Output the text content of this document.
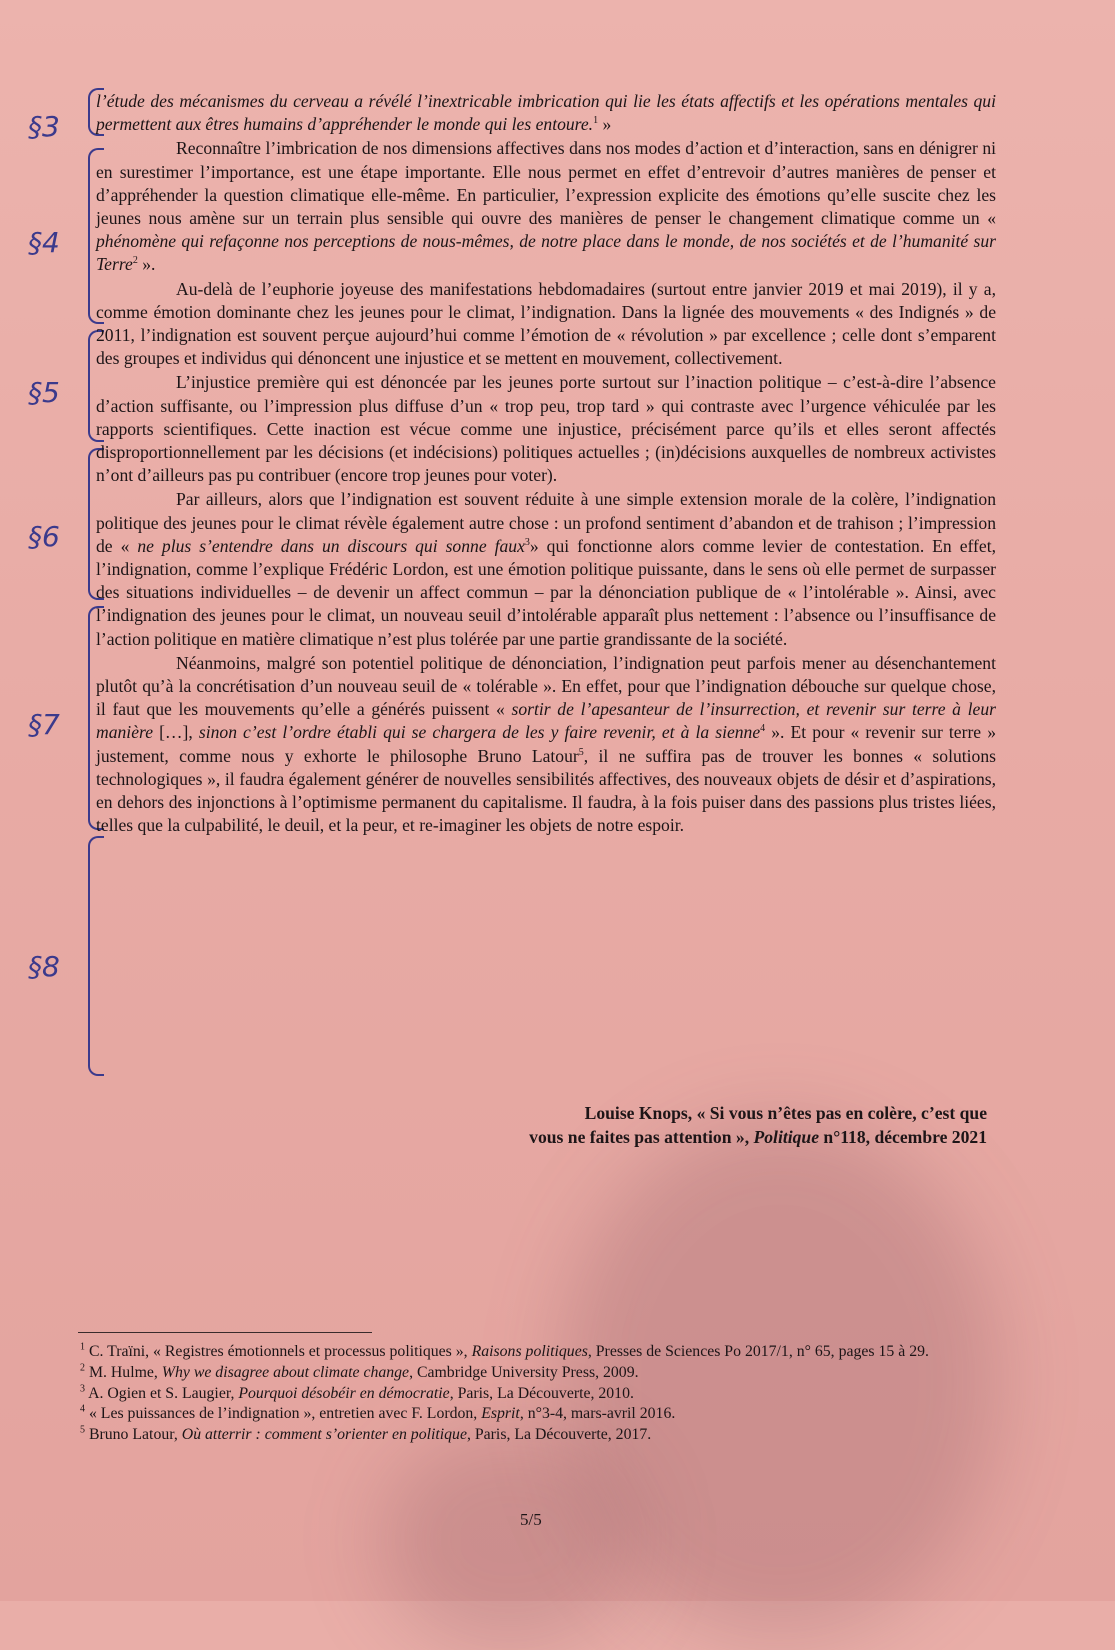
§3
§4
§5
§6
§7
§8

l’étude des mécanismes du cerveau a révélé l’inextricable imbrication qui lie les états affectifs et les opérations mentales qui permettent aux êtres humains d’appréhender le monde qui les entoure.$^1$ »

Reconnaître l’imbrication de nos dimensions affectives dans nos modes d’action et d’interaction, sans en dénigrer ni en surestimer l’importance, est une étape importante. Elle nous permet en effet d’entrevoir d’autres manières de penser et d’appréhender la question climatique elle-même. En particulier, l’expression explicite des émotions qu’elle suscite chez les jeunes nous amène sur un terrain plus sensible qui ouvre des manières de penser le changement climatique comme un « phénomène qui refaçonne nos perceptions de nous-mêmes, de notre place dans le monde, de nos sociétés et de l’humanité sur Terre$^2$ ».

Au-delà de l’euphorie joyeuse des manifestations hebdomadaires (surtout entre janvier 2019 et mai 2019), il y a, comme émotion dominante chez les jeunes pour le climat, l’indignation. Dans la lignée des mouvements « des Indignés » de 2011, l’indignation est souvent perçue aujourd’hui comme l’émotion de « révolution » par excellence ; celle dont s’emparent des groupes et individus qui dénoncent une injustice et se mettent en mouvement, collectivement.

L’injustice première qui est dénoncée par les jeunes porte surtout sur l’inaction politique – c’est-à-dire l’absence d’action suffisante, ou l’impression plus diffuse d’un « trop peu, trop tard » qui contraste avec l’urgence véhiculée par les rapports scientifiques. Cette inaction est vécue comme une injustice, précisément parce qu’ils et elles seront affectés disproportionnellement par les décisions (et indécisions) politiques actuelles ; (in)décisions auxquelles de nombreux activistes n’ont d’ailleurs pas pu contribuer (encore trop jeunes pour voter).

Par ailleurs, alors que l’indignation est souvent réduite à une simple extension morale de la colère, l’indignation politique des jeunes pour le climat révèle également autre chose : un profond sentiment d’abandon et de trahison ; l’impression de « ne plus s’entendre dans un discours qui sonne faux$^3$» qui fonctionne alors comme levier de contestation. En effet, l’indignation, comme l’explique Frédéric Lordon, est une émotion politique puissante, dans le sens où elle permet de surpasser des situations individuelles – de devenir un affect commun – par la dénonciation publique de « l’intolérable ». Ainsi, avec l’indignation des jeunes pour le climat, un nouveau seuil d’intolérable apparaît plus nettement : l’absence ou l’insuffisance de l’action politique en matière climatique n’est plus tolérée par une partie grandissante de la société.

Néanmoins, malgré son potentiel politique de dénonciation, l’indignation peut parfois mener au désenchantement plutôt qu’à la concrétisation d’un nouveau seuil de « tolérable ». En effet, pour que l’indignation débouche sur quelque chose, il faut que les mouvements qu’elle a générés puissent « sortir de l’apesanteur de l’insurrection, et revenir sur terre à leur manière […], sinon c’est l’ordre établi qui se chargera de les y faire revenir, et à la sienne$^4$ ». Et pour « revenir sur terre » justement, comme nous y exhorte le philosophe Bruno Latour$^5$, il ne suffira pas de trouver les bonnes « solutions technologiques », il faudra également générer de nouvelles sensibilités affectives, des nouveaux objets de désir et d’aspirations, en dehors des injonctions à l’optimisme permanent du capitalisme. Il faudra, à la fois puiser dans des passions plus tristes liées, telles que la culpabilité, le deuil, et la peur, et re-imaginer les objets de notre espoir.

Louise Knops, « Si vous n’êtes pas en colère, c’est que
vous ne faites pas attention », Politique n°118, décembre 2021

$^1$ C. Traïni, « Registres émotionnels et processus politiques », Raisons politiques, Presses de Sciences Po 2017/1, n° 65, pages 15 à 29.

$^2$ M. Hulme, Why we disagree about climate change, Cambridge University Press, 2009.

$^3$ A. Ogien et S. Laugier, Pourquoi désobéir en démocratie, Paris, La Découverte, 2010.

$^4$ « Les puissances de l’indignation », entretien avec F. Lordon, Esprit, n°3-4, mars-avril 2016.

$^5$ Bruno Latour, Où atterrir : comment s’orienter en politique, Paris, La Découverte, 2017.

5/5
